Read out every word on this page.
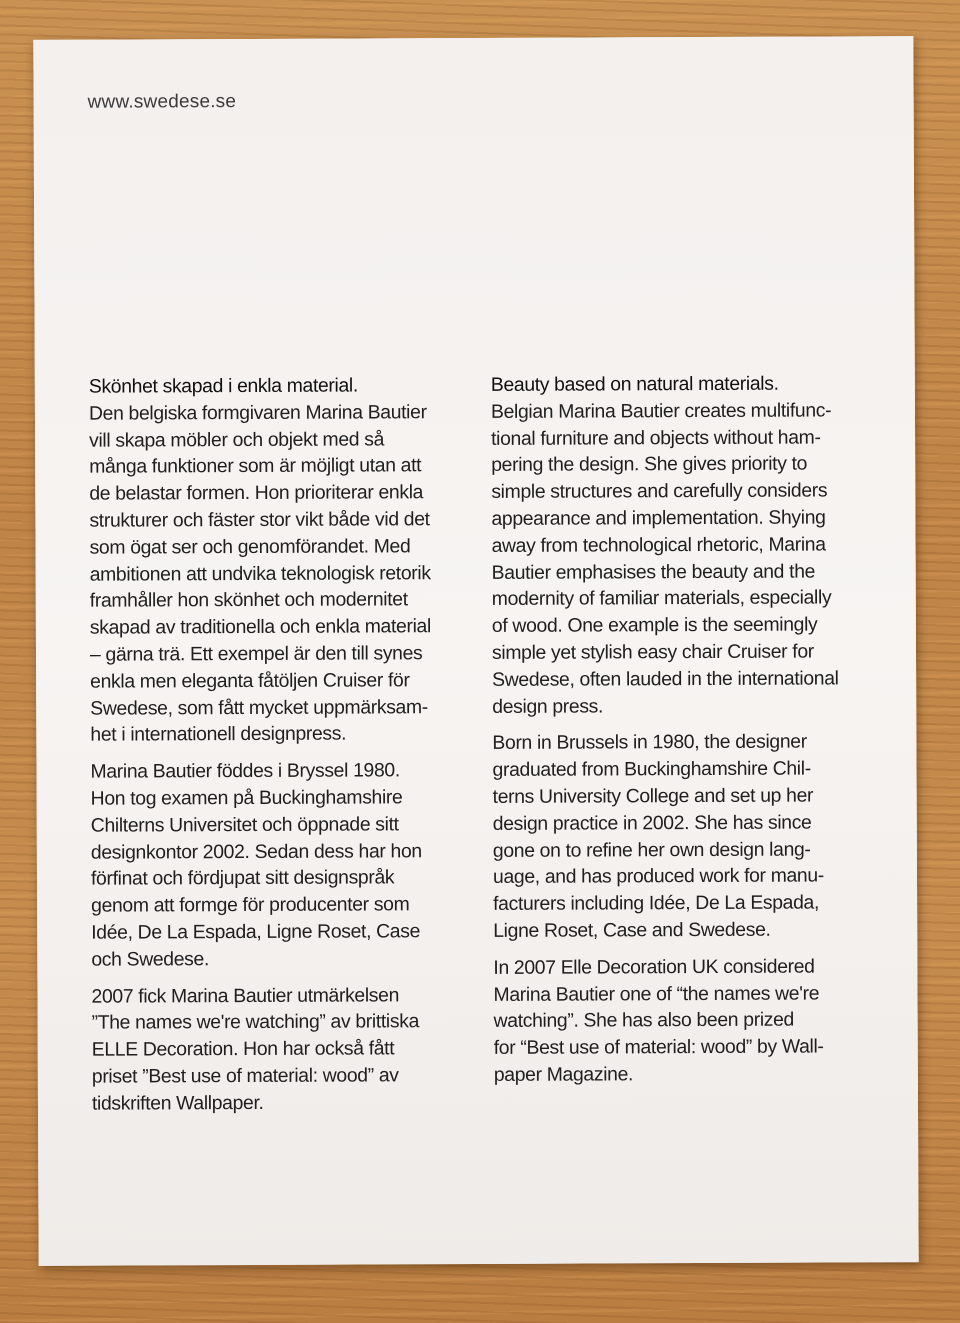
www.swedese.se
Skönhet skapad i enkla material.

Den belgiska formgivaren Marina Bautier
vill skapa möbler och objekt med så
många funktioner som är möjligt utan att
de belastar formen. Hon prioriterar enkla
strukturer och fäster stor vikt både vid det
som ögat ser och genomförandet. Med
ambitionen att undvika teknologisk retorik
framhåller hon skönhet och modernitet
skapad av traditionella och enkla material
– gärna trä. Ett exempel är den till synes
enkla men eleganta fåtöljen Cruiser för
Swedese, som fått mycket uppmärksam-
het i internationell designpress.

Marina Bautier föddes i Bryssel 1980.
Hon tog examen på Buckinghamshire
Chilterns Universitet och öppnade sitt
designkontor 2002. Sedan dess har hon
förfinat och fördjupat sitt designspråk
genom att formge för producenter som
Idée, De La Espada, Ligne Roset, Case
och Swedese.

2007 fick Marina Bautier utmärkelsen
”The names we're watching” av brittiska
ELLE Decoration. Hon har också fått
priset ”Best use of material: wood” av
tidskriften Wallpaper.

Beauty based on natural materials.

Belgian Marina Bautier creates multifunc-
tional furniture and objects without ham-
pering the design. She gives priority to
simple structures and carefully considers
appearance and implementation. Shying
away from technological rhetoric, Marina
Bautier emphasises the beauty and the
modernity of familiar materials, especially
of wood. One example is the seemingly
simple yet stylish easy chair Cruiser for
Swedese, often lauded in the international
design press.

Born in Brussels in 1980, the designer
graduated from Buckinghamshire Chil-
terns University College and set up her
design practice in 2002. She has since
gone on to refine her own design lang-
uage, and has produced work for manu-
facturers including Idée, De La Espada,
Ligne Roset, Case and Swedese.

In 2007 Elle Decoration UK considered
Marina Bautier one of “the names we're
watching”. She has also been prized
for “Best use of material: wood” by Wall-
paper Magazine.
